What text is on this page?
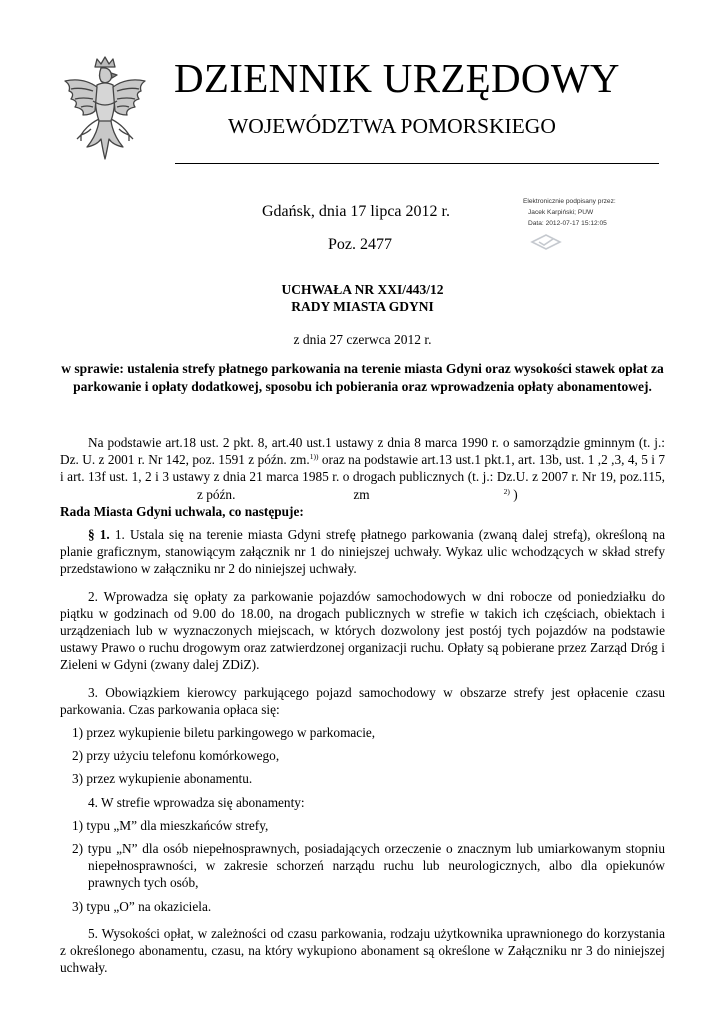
DZIENNIK URZĘDOWY
WOJEWÓDZTWA POMORSKIEGO
Elektronicznie podpisany przez:
Jacek Karpiński; PUW
Data: 2012-07-17 15:12:05
Gdańsk, dnia 17 lipca 2012 r.
Poz. 2477
UCHWAŁA NR XXI/443/12
RADY MIASTA GDYNI
z dnia 27 czerwca 2012 r.
w sprawie: ustalenia strefy płatnego parkowania na terenie miasta Gdyni oraz wysokości stawek opłat za
parkowanie i opłaty dodatkowej, sposobu ich pobierania oraz wprowadzenia opłaty abonamentowej.

Na podstawie art.18 ust. 2 pkt. 8, art.40 ust.1 ustawy z dnia 8 marca 1990 r. o samorządzie gminnym (t. j.: Dz. U. z 2001 r. Nr 142, poz. 1591 z późn. zm.$^{1))}$ oraz na podstawie art.13 ust.1 pkt.1, art. 13b, ust. 1 ,2 ,3, 4, 5 i 7 i art. 13f ust. 1, 2 i 3 ustawy z dnia 21 marca 1985 r. o drogach publicznych (t. j.: Dz.U. z 2007 r. Nr 19, poz.115,z późn.	zm	$^{2)}$ )

Rada Miasta Gdyni uchwala, co następuje:

§ 1. 1. Ustala się na terenie miasta Gdyni strefę płatnego parkowania (zwaną dalej strefą), określoną na planie graficznym, stanowiącym załącznik nr 1 do niniejszej uchwały. Wykaz ulic wchodzących w skład strefy przedstawiono w załączniku nr 2 do niniejszej uchwały.

2. Wprowadza się opłaty za parkowanie pojazdów samochodowych w dni robocze od poniedziałku do piątku w godzinach od 9.00 do 18.00, na drogach publicznych w strefie w takich ich częściach, obiektach i urządzeniach lub w wyznaczonych miejscach, w których dozwolony jest postój tych pojazdów na podstawie ustawy Prawo o ruchu drogowym oraz zatwierdzonej organizacji ruchu. Opłaty są pobierane przez Zarząd Dróg i Zieleni w Gdyni (zwany dalej ZDiZ).

3. Obowiązkiem kierowcy parkującego pojazd samochodowy w obszarze strefy jest opłacenie czasu parkowania. Czas parkowania opłaca się:

1) przez wykupienie biletu parkingowego w parkomacie,

2) przy użyciu telefonu komórkowego,

3) przez wykupienie abonamentu.

4. W strefie wprowadza się abonamenty:

1) typu „M” dla mieszkańców strefy,

2) typu „N” dla osób niepełnosprawnych, posiadających orzeczenie o znacznym lub umiarkowanym stopniu niepełnosprawności, w zakresie schorzeń narządu ruchu lub neurologicznych, albo dla opiekunów prawnych tych osób,

3) typu „O” na okaziciela.

5. Wysokości opłat, w zależności od czasu parkowania, rodzaju użytkownika uprawnionego do korzystania z określonego abonamentu, czasu, na który wykupiono abonament są określone w Załączniku nr 3 do niniejszej uchwały.
